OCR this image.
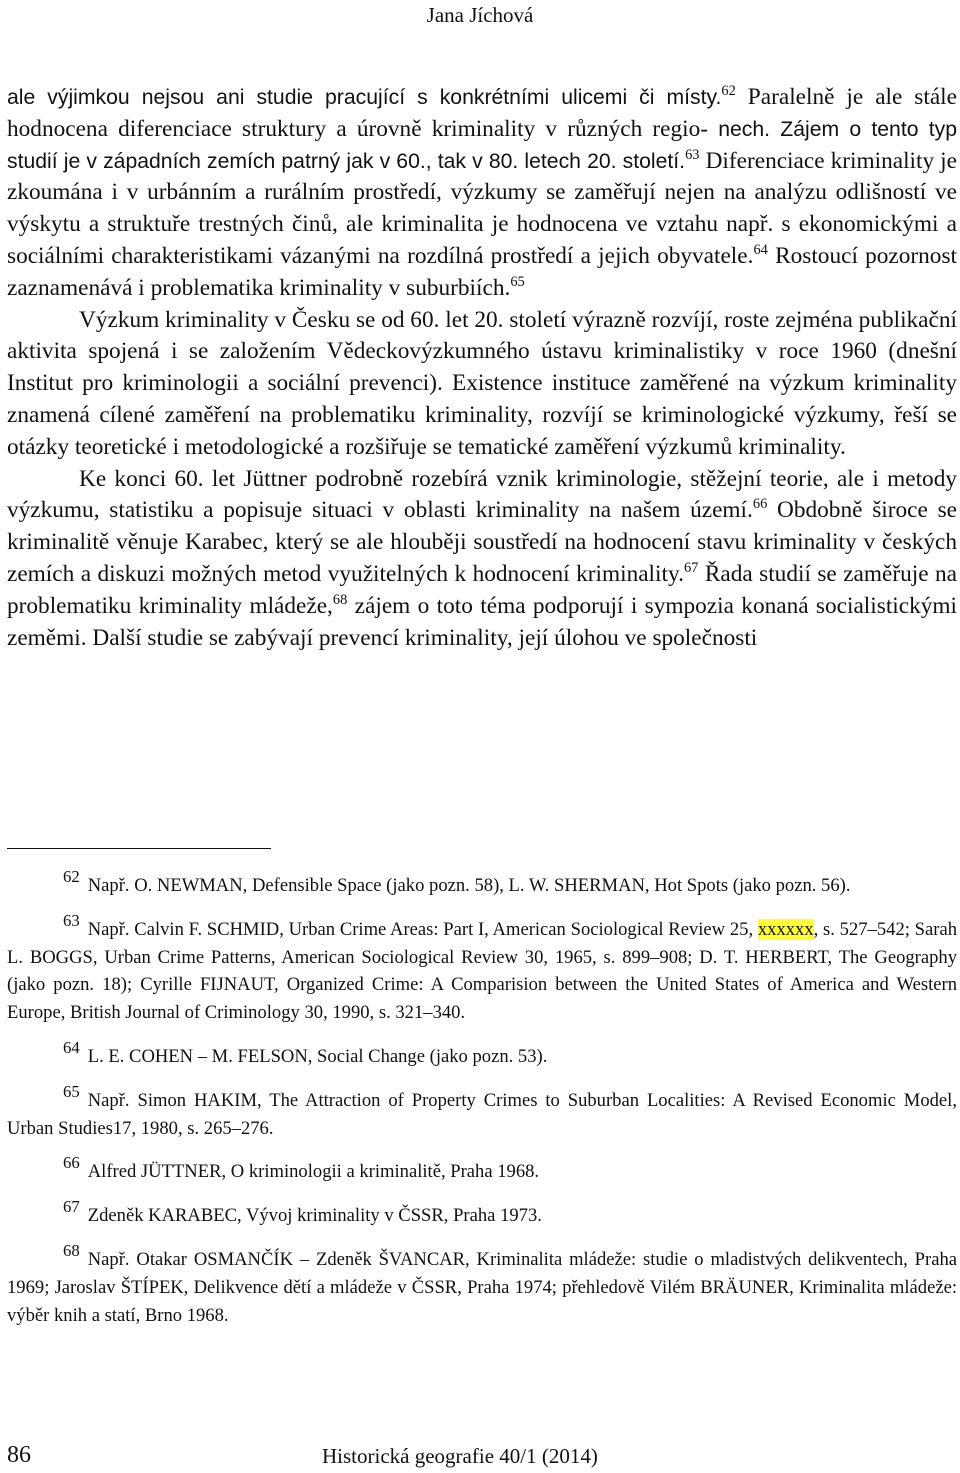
Jana Jíchová

ale výjimkou nejsou ani studie pracující s konkrétními ulicemi či místy.$^{62}$ Paralelně je ale stále hodnocena diferenciace struktury a úrovně kriminality v různých regio- nech. Zájem o tento typ studií je v západních zemích patrný jak v 60., tak v 80. letech 20. století.$^{63}$ Diferenciace kriminality je zkoumána i v urbánním a rurálním prostředí, výzkumy se zaměřují nejen na analýzu odlišností ve výskytu a struktuře trestných činů, ale kriminalita je hodnocena ve vztahu např. s ekonomickými a sociálními charakteristikami vázanými na rozdílná prostředí a jejich obyvatele.$^{64}$ Rostoucí pozornost zaznamenává i problematika kriminality v suburbiích.$^{65}$

Výzkum kriminality v Česku se od 60. let 20. století výrazně rozvíjí, roste zejména publikační aktivita spojená i se založením Vědeckovýzkumného ústavu kriminalistiky v roce 1960 (dnešní Institut pro kriminologii a sociální prevenci). Existence instituce zaměřené na výzkum kriminality znamená cílené zaměření na problematiku kriminality, rozvíjí se kriminologické výzkumy, řeší se otázky teoretické i metodologické a rozšiřuje se tematické zaměření výzkumů kriminality.

Ke konci 60. let Jüttner podrobně rozebírá vznik kriminologie, stěžejní teorie, ale i metody výzkumu, statistiku a popisuje situaci v oblasti kriminality na našem území.$^{66}$ Obdobně široce se kriminalitě věnuje Karabec, který se ale hlouběji soustředí na hodnocení stavu kriminality v českých zemích a diskuzi možných metod využitelných k hodnocení kriminality.$^{67}$ Řada studií se zaměřuje na problematiku kriminality mládeže,$^{68}$ zájem o toto téma podporují i sympozia konaná socialistickými zeměmi. Další studie se zabývají prevencí kriminality, její úlohou ve společnosti

$^{62}$ Např. O. NEWMAN, Defensible Space (jako pozn. 58), L. W. SHERMAN, Hot Spots (jako pozn. 56).

$^{63}$ Např. Calvin F. SCHMID, Urban Crime Areas: Part I, American Sociological Review 25, xxxxxx, s. 527–542; Sarah L. BOGGS, Urban Crime Patterns, American Sociological Review 30, 1965, s. 899–908; D. T. HERBERT, The Geography (jako pozn. 18); Cyrille FIJNAUT, Organized Crime: A Comparision between the United States of America and Western Europe, British Journal of Criminology 30, 1990, s. 321–340.

$^{64}$ L. E. COHEN – M. FELSON, Social Change (jako pozn. 53).

$^{65}$ Např. Simon HAKIM, The Attraction of Property Crimes to Suburban Localities: A Revised Economic Model, Urban Studies17, 1980, s. 265–276.

$^{66}$ Alfred JÜTTNER, O kriminologii a kriminalitě, Praha 1968.

$^{67}$ Zdeněk KARABEC, Vývoj kriminality v ČSSR, Praha 1973.

$^{68}$ Např. Otakar OSMANČÍK – Zdeněk ŠVANCAR, Kriminalita mládeže: studie o mladistvých delikventech, Praha 1969; Jaroslav ŠTÍPEK, Delikvence dětí a mládeže v ČSSR, Praha 1974; přehledově Vilém BRÄUNER, Kriminalita mládeže: výběr knih a statí, Brno 1968.

86	Historická geografie 40/1 (2014)
